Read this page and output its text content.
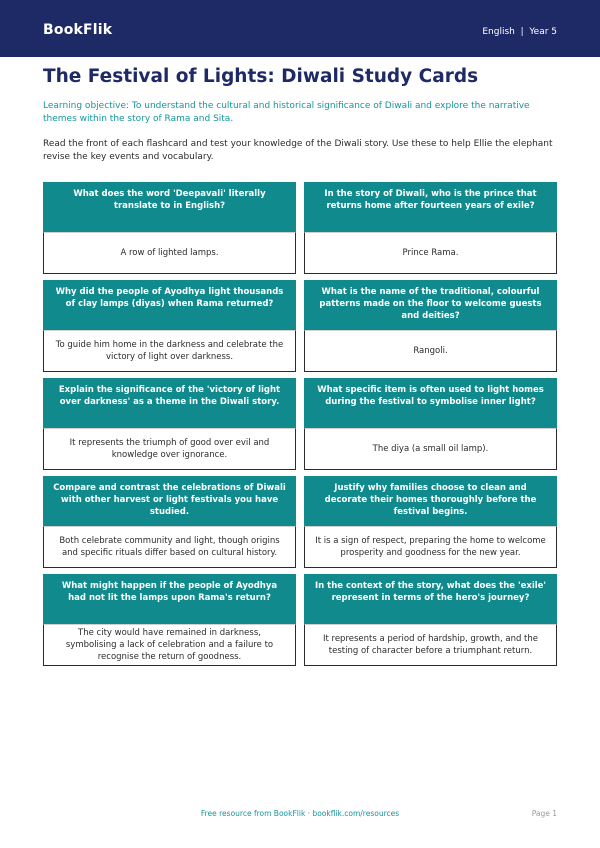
BookFlik	English  |  Year 5
The Festival of Lights: Diwali Study Cards
Learning objective: To understand the cultural and historical significance of Diwali and explore the narrative themes within the story of Rama and Sita.
Read the front of each flashcard and test your knowledge of the Diwali story. Use these to help Ellie the elephant revise the key events and vocabulary.
What does the word 'Deepavali' literally translate to in English?
A row of lighted lamps.
In the story of Diwali, who is the prince that returns home after fourteen years of exile?
Prince Rama.
Why did the people of Ayodhya light thousands of clay lamps (diyas) when Rama returned?
To guide him home in the darkness and celebrate the victory of light over darkness.
What is the name of the traditional, colourful patterns made on the floor to welcome guests and deities?
Rangoli.
Explain the significance of the 'victory of light over darkness' as a theme in the Diwali story.
It represents the triumph of good over evil and knowledge over ignorance.
What specific item is often used to light homes during the festival to symbolise inner light?
The diya (a small oil lamp).
Compare and contrast the celebrations of Diwali with other harvest or light festivals you have studied.
Both celebrate community and light, though origins and specific rituals differ based on cultural history.
Justify why families choose to clean and decorate their homes thoroughly before the festival begins.
It is a sign of respect, preparing the home to welcome prosperity and goodness for the new year.
What might happen if the people of Ayodhya had not lit the lamps upon Rama's return?
The city would have remained in darkness, symbolising a lack of celebration and a failure to recognise the return of goodness.
In the context of the story, what does the 'exile' represent in terms of the hero's journey?
It represents a period of hardship, growth, and the testing of character before a triumphant return.
Free resource from BookFlik · bookflik.com/resources	Page 1
